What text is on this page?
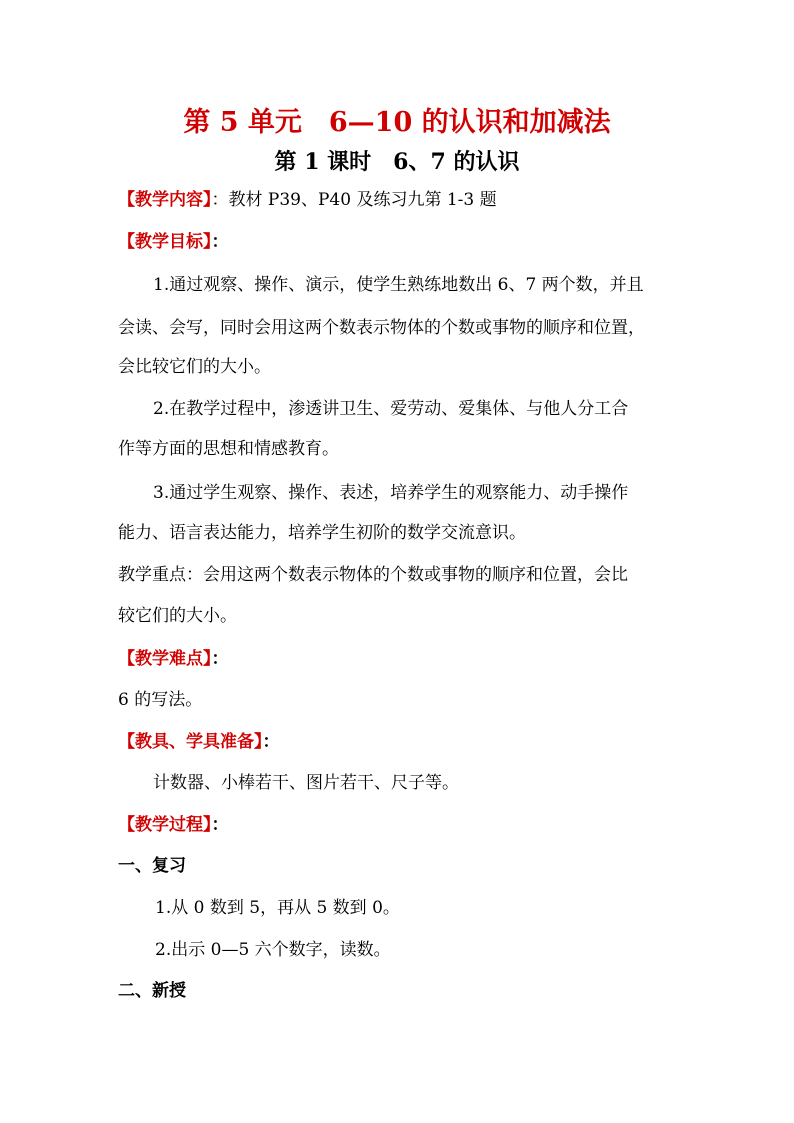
第 5 单元　6—10 的认识和加减法
第 1 课时　6、7 的认识
【教学内容】：教材 P39、P40 及练习九第 1-3 题
【教学目标】：
1.通过观察、操作、演示，使学生熟练地数出 6、7 两个数，并且
会读、会写，同时会用这两个数表示物体的个数或事物的顺序和位置，
会比较它们的大小。
2.在教学过程中，渗透讲卫生、爱劳动、爱集体、与他人分工合
作等方面的思想和情感教育。
3.通过学生观察、操作、表述，培养学生的观察能力、动手操作
能力、语言表达能力，培养学生初阶的数学交流意识。
教学重点：会用这两个数表示物体的个数或事物的顺序和位置，会比
较它们的大小。
【教学难点】：
6 的写法。
【教具、学具准备】：
计数器、小棒若干、图片若干、尺子等。
【教学过程】：
一、复习
1.从 0 数到 5，再从 5 数到 0。
2.出示 0—5 六个数字，读数。
二、新授
